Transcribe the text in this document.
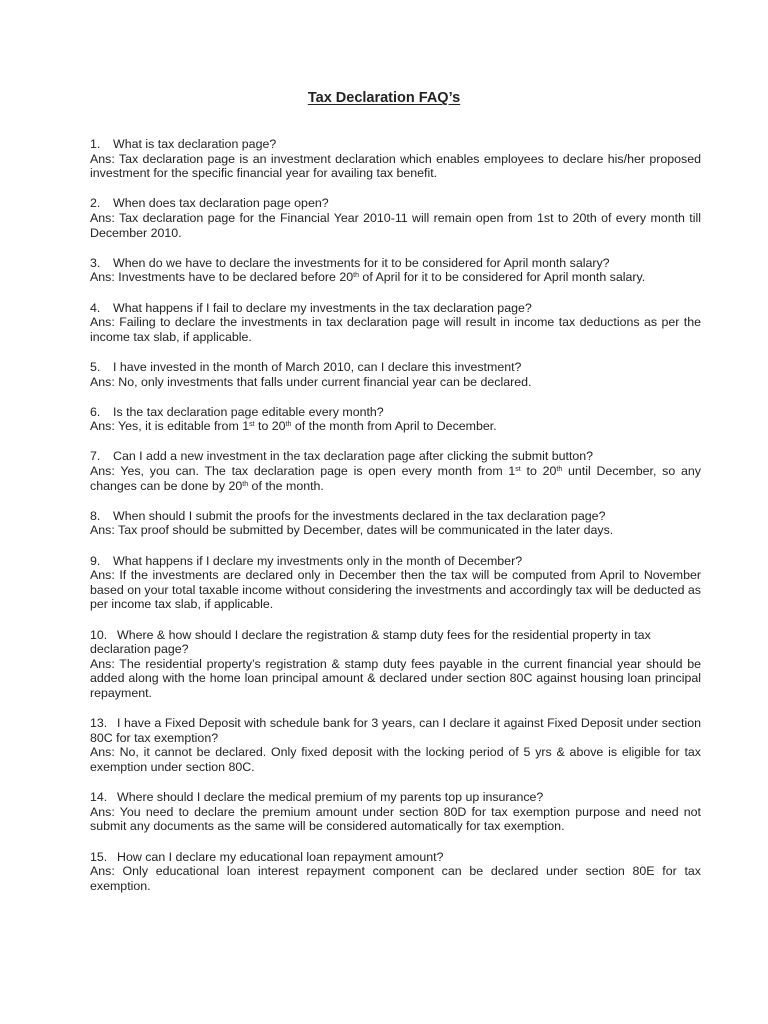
Tax Declaration FAQ’s

1. What is tax declaration page?

Ans: Tax declaration page is an investment declaration which enables employees to declare his/her proposed investment for the specific financial year for availing tax benefit.

2. When does tax declaration page open?

Ans: Tax declaration page for the Financial Year 2010-11 will remain open from 1st to 20th of every month till December 2010.

3. When do we have to declare the investments for it to be considered for April month salary?

Ans: Investments have to be declared before 20th of April for it to be considered for April month salary.

4. What happens if I fail to declare my investments in the tax declaration page?

Ans: Failing to declare the investments in tax declaration page will result in income tax deductions as per the income tax slab, if applicable.

5. I have invested in the month of March 2010, can I declare this investment?

Ans: No, only investments that falls under current financial year can be declared.

6. Is the tax declaration page editable every month?

Ans: Yes, it is editable from 1st to 20th of the month from April to December.

7. Can I add a new investment in the tax declaration page after clicking the submit button?

Ans: Yes, you can. The tax declaration page is open every month from 1st to 20th until December, so any changes can be done by 20th of the month.

8. When should I submit the proofs for the investments declared in the tax declaration page?

Ans: Tax proof should be submitted by December, dates will be communicated in the later days.

9. What happens if I declare my investments only in the month of December?

Ans: If the investments are declared only in December then the tax will be computed from April to November based on your total taxable income without considering the investments and accordingly tax will be deducted as per income tax slab, if applicable.

10. Where & how should I declare the registration & stamp duty fees for the residential property in tax declaration page?

Ans: The residential property’s registration & stamp duty fees payable in the current financial year should be added along with the home loan principal amount & declared under section 80C against housing loan principal repayment.

13. I have a Fixed Deposit with schedule bank for 3 years, can I declare it against Fixed Deposit under section 80C for tax exemption?

Ans: No, it cannot be declared. Only fixed deposit with the locking period of 5 yrs & above is eligible for tax exemption under section 80C.

14. Where should I declare the medical premium of my parents top up insurance?

Ans: You need to declare the premium amount under section 80D for tax exemption purpose and need not submit any documents as the same will be considered automatically for tax exemption.

15. How can I declare my educational loan repayment amount?

Ans: Only educational loan interest repayment component can be declared under section 80E for tax exemption.
